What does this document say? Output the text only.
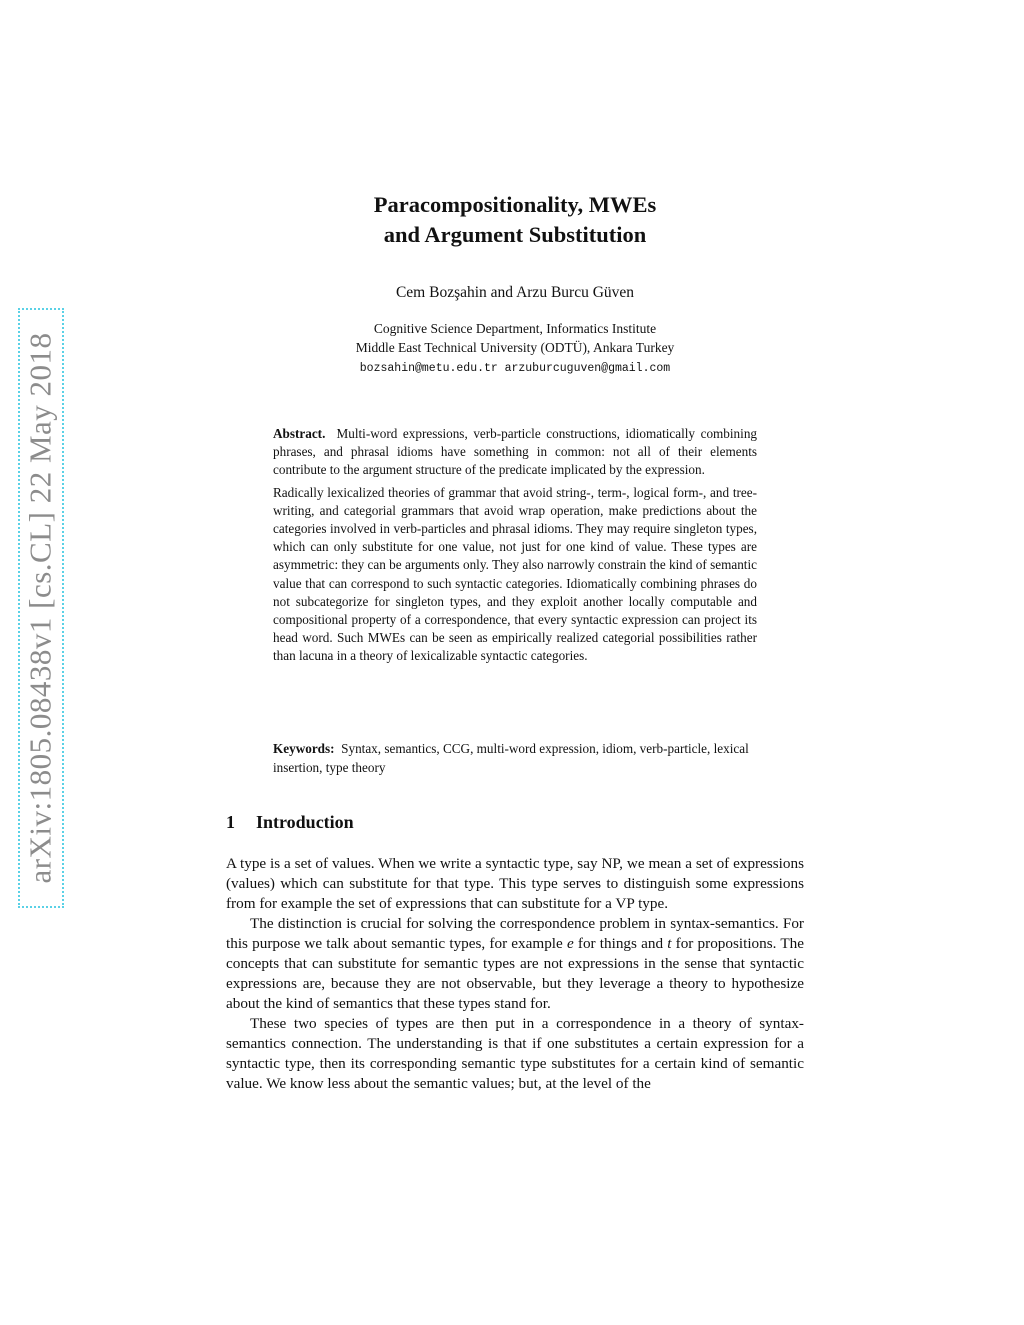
arXiv:1805.08438v1 [cs.CL] 22 May 2018
Paracompositionality, MWEs
and Argument Substitution
Cem Bozşahin and Arzu Burcu Güven
Cognitive Science Department, Informatics Institute
Middle East Technical University (ODTÜ), Ankara Turkey
bozsahin@metu.edu.tr arzuburcuguven@gmail.com

Abstract. Multi-word expressions, verb-particle constructions, idiomatically combining phrases, and phrasal idioms have something in common: not all of their elements contribute to the argument structure of the predicate implicated by the expression.

Radically lexicalized theories of grammar that avoid string-, term-, logical form-, and tree-writing, and categorial grammars that avoid wrap operation, make predictions about the categories involved in verb-particles and phrasal idioms. They may require singleton types, which can only substitute for one value, not just for one kind of value. These types are asymmetric: they can be arguments only. They also narrowly constrain the kind of semantic value that can correspond to such syntactic categories. Idiomatically combining phrases do not subcategorize for singleton types, and they exploit another locally computable and compositional property of a correspondence, that every syntactic expression can project its head word. Such MWEs can be seen as empirically realized categorial possibilities rather than lacuna in a theory of lexicalizable syntactic categories.

Keywords: Syntax, semantics, CCG, multi-word expression, idiom, verb-particle, lexical insertion, type theory
1 Introduction

A type is a set of values. When we write a syntactic type, say NP, we mean a set of expressions (values) which can substitute for that type. This type serves to distinguish some expressions from for example the set of expressions that can substitute for a VP type.

The distinction is crucial for solving the correspondence problem in syntax-semantics. For this purpose we talk about semantic types, for example e for things and t for propositions. The concepts that can substitute for semantic types are not expressions in the sense that syntactic expressions are, because they are not observable, but they leverage a theory to hypothesize about the kind of semantics that these types stand for.

These two species of types are then put in a correspondence in a theory of syntax-semantics connection. The understanding is that if one substitutes a certain expression for a syntactic type, then its corresponding semantic type substitutes for a certain kind of semantic value. We know less about the semantic values; but, at the level of the
